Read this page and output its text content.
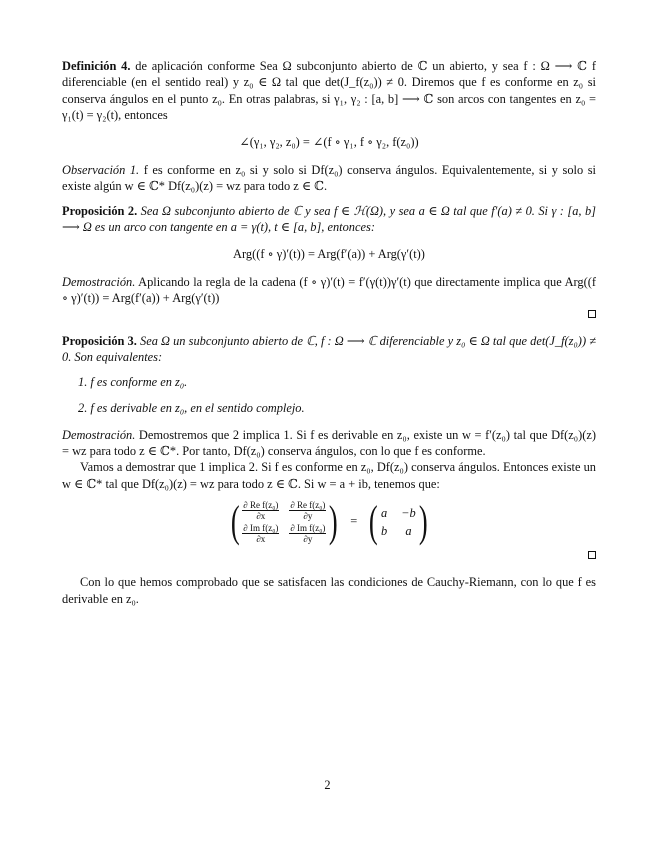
Definición 4. de aplicación conforme Sea Ω subconjunto abierto de ℂ un abierto, y sea f : Ω ⟶ ℂ f diferenciable (en el sentido real) y z₀ ∈ Ω tal que det(J_f(z₀)) ≠ 0. Diremos que f es conforme en z₀ si conserva ángulos en el punto z₀. En otras palabras, si γ₁, γ₂ : [a, b] ⟶ ℂ son arcos con tangentes en z₀ = γ₁(t) = γ₂(t), entonces

∠(γ₁, γ₂, z₀) = ∠(f ∘ γ₁, f ∘ γ₂, f(z₀))

Observación 1. f es conforme en z₀ si y solo si Df(z₀) conserva ángulos. Equivalentemente, si y solo si existe algún w ∈ ℂ* Df(z₀)(z) = wz para todo z ∈ ℂ.

Proposición 2. Sea Ω subconjunto abierto de ℂ y sea f ∈ ℋ(Ω), y sea a ∈ Ω tal que f′(a) ≠ 0. Si γ : [a, b] ⟶ Ω es un arco con tangente en a = γ(t), t ∈ [a, b], entonces:

Arg((f ∘ γ)′(t)) = Arg(f′(a)) + Arg(γ′(t))

Demostración. Aplicando la regla de la cadena (f ∘ γ)′(t) = f′(γ(t))γ′(t) que directamente implica que Arg((f ∘ γ)′(t)) = Arg(f′(a)) + Arg(γ′(t))

Proposición 3. Sea Ω un subconjunto abierto de ℂ, f : Ω ⟶ ℂ diferenciable y z₀ ∈ Ω tal que det(J_f(z₀)) ≠ 0. Son equivalentes:

1. f es conforme en z₀.
2. f es derivable en z₀, en el sentido complejo.

Demostración. Demostremos que 2 implica 1. Si f es derivable en z₀, existe un w = f′(z₀) tal que Df(z₀)(z) = wz para todo z ∈ ℂ*. Por tanto, Df(z₀) conserva ángulos, con lo que f es conforme.

Vamos a demostrar que 1 implica 2. Si f es conforme en z₀, Df(z₀) conserva ángulos. Entonces existe un w ∈ ℂ* tal que Df(z₀)(z) = wz para todo z ∈ ℂ. Si w = a + ib, tenemos que:

( $\frac{\text{∂ Re f(z₀)}}{\partial x} \frac{\text{∂ Re f(z₀)}}{\partial y}$
$\frac{\text{∂ Im f(z₀)}}{\partial x} \frac{\text{∂ Im f(z₀)}}{\partial y}$ ) = ( a −b
b	a )

Con lo que hemos comprobado que se satisfacen las condiciones de Cauchy-Riemann, con lo que f es derivable en z₀.

2
